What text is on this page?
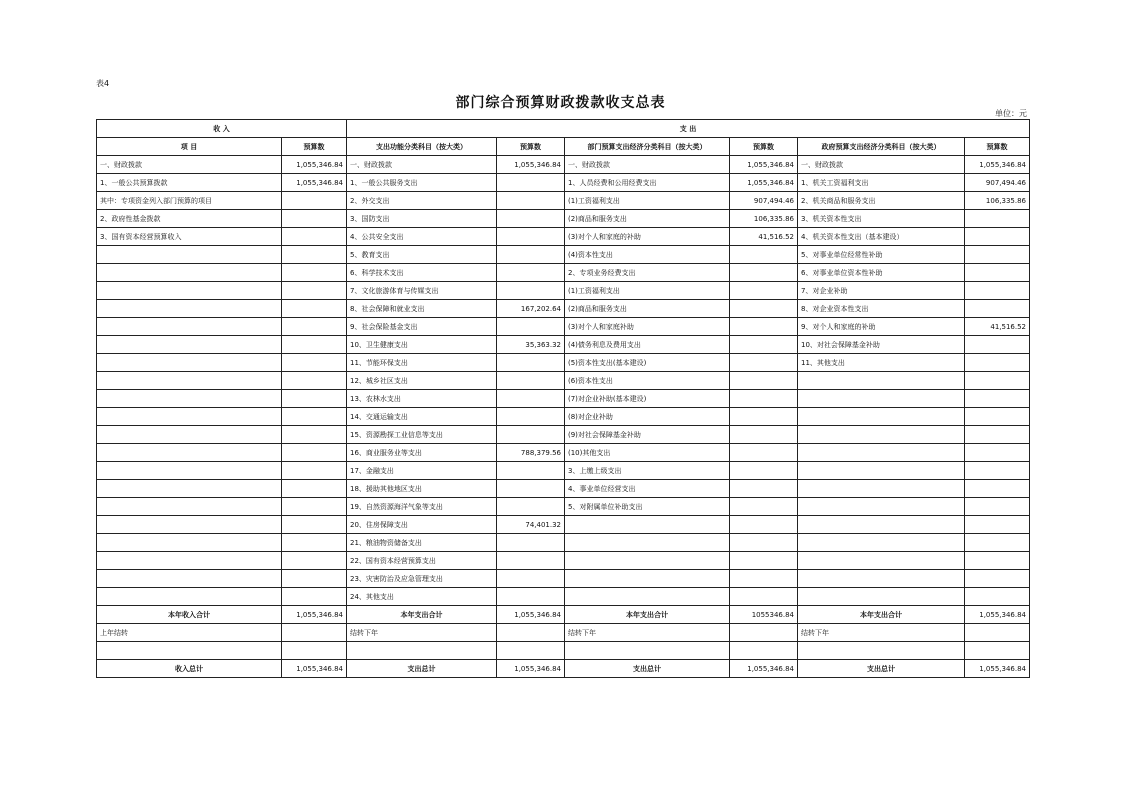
表4
部门综合预算财政拨款收支总表
单位：元
收 入		支 出					
项 目	预算数	支出功能分类科目（按大类）	预算数	部门预算支出经济分类科目（按大类）	预算数	政府预算支出经济分类科目（按大类）	预算数
一、财政拨款	1,055,346.84	一、财政拨款	1,055,346.84	一、财政拨款	1,055,346.84	一、财政拨款	1,055,346.84
1、一般公共预算拨款	1,055,346.84	1、一般公共服务支出		1、人员经费和公用经费支出	1,055,346.84	1、机关工资福利支出	907,494.46
其中：专项资金列入部门预算的项目		2、外交支出		(1)工资福利支出	907,494.46	2、机关商品和服务支出	106,335.86
2、政府性基金拨款		3、国防支出		(2)商品和服务支出	106,335.86	3、机关资本性支出	
3、国有资本经营预算收入		4、公共安全支出		(3)对个人和家庭的补助	41,516.52	4、机关资本性支出（基本建设）	
		5、教育支出		(4)资本性支出		5、对事业单位经常性补助	
		6、科学技术支出		2、专项业务经费支出		6、对事业单位资本性补助	
		7、文化旅游体育与传媒支出		(1)工资福利支出		7、对企业补助	
		8、社会保障和就业支出	167,202.64	(2)商品和服务支出		8、对企业资本性支出	
		9、社会保险基金支出		(3)对个人和家庭补助		9、对个人和家庭的补助	41,516.52
		10、卫生健康支出	35,363.32	(4)债务利息及费用支出		10、对社会保障基金补助	
		11、节能环保支出		(5)资本性支出(基本建设)		11、其他支出	
		12、城乡社区支出		(6)资本性支出			
		13、农林水支出		(7)对企业补助(基本建设)			
		14、交通运输支出		(8)对企业补助			
		15、资源勘探工业信息等支出		(9)对社会保障基金补助			
		16、商业服务业等支出	788,379.56	(10)其他支出			
		17、金融支出		3、上缴上级支出			
		18、援助其他地区支出		4、事业单位经营支出			
		19、自然资源海洋气象等支出		5、对附属单位补助支出			
		20、住房保障支出	74,401.32				
		21、粮油物资储备支出					
		22、国有资本经营预算支出					
		23、灾害防治及应急管理支出					
		24、其他支出					
本年收入合计	1,055,346.84	本年支出合计	1,055,346.84	本年支出合计	1055346.84	本年支出合计	1,055,346.84
上年结转		结转下年		结转下年		结转下年	

收入总计	1,055,346.84	支出总计	1,055,346.84	支出总计	1,055,346.84	支出总计	1,055,346.84
